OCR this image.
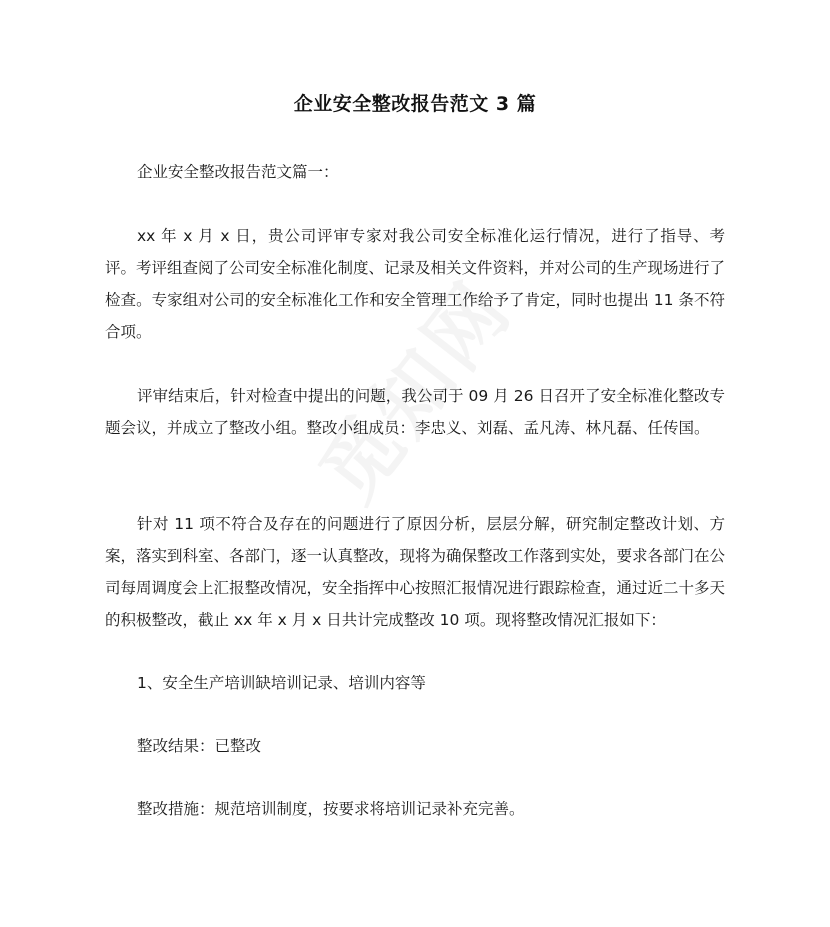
企业安全整改报告范文 3 篇

企业安全整改报告范文篇一：

xx 年 x 月 x 日，贵公司评审专家对我公司安全标准化运行情况，进行了指导、考评。考评组查阅了公司安全标准化制度、记录及相关文件资料，并对公司的生产现场进行了检查。专家组对公司的安全标准化工作和安全管理工作给予了肯定，同时也提出 11 条不符合项。

评审结束后，针对检查中提出的问题，我公司于 09 月 26 日召开了安全标准化整改专题会议，并成立了整改小组。整改小组成员：李忠义、刘磊、孟凡涛、林凡磊、任传国。

针对 11 项不符合及存在的问题进行了原因分析，层层分解，研究制定整改计划、方案，落实到科室、各部门，逐一认真整改，现将为确保整改工作落到实处，要求各部门在公司每周调度会上汇报整改情况，安全指挥中心按照汇报情况进行跟踪检查，通过近二十多天的积极整改，截止 xx 年 x 月 x 日共计完成整改 10 项。现将整改情况汇报如下：

1、安全生产培训缺培训记录、培训内容等

整改结果：已整改

整改措施：规范培训制度，按要求将培训记录补充完善。
